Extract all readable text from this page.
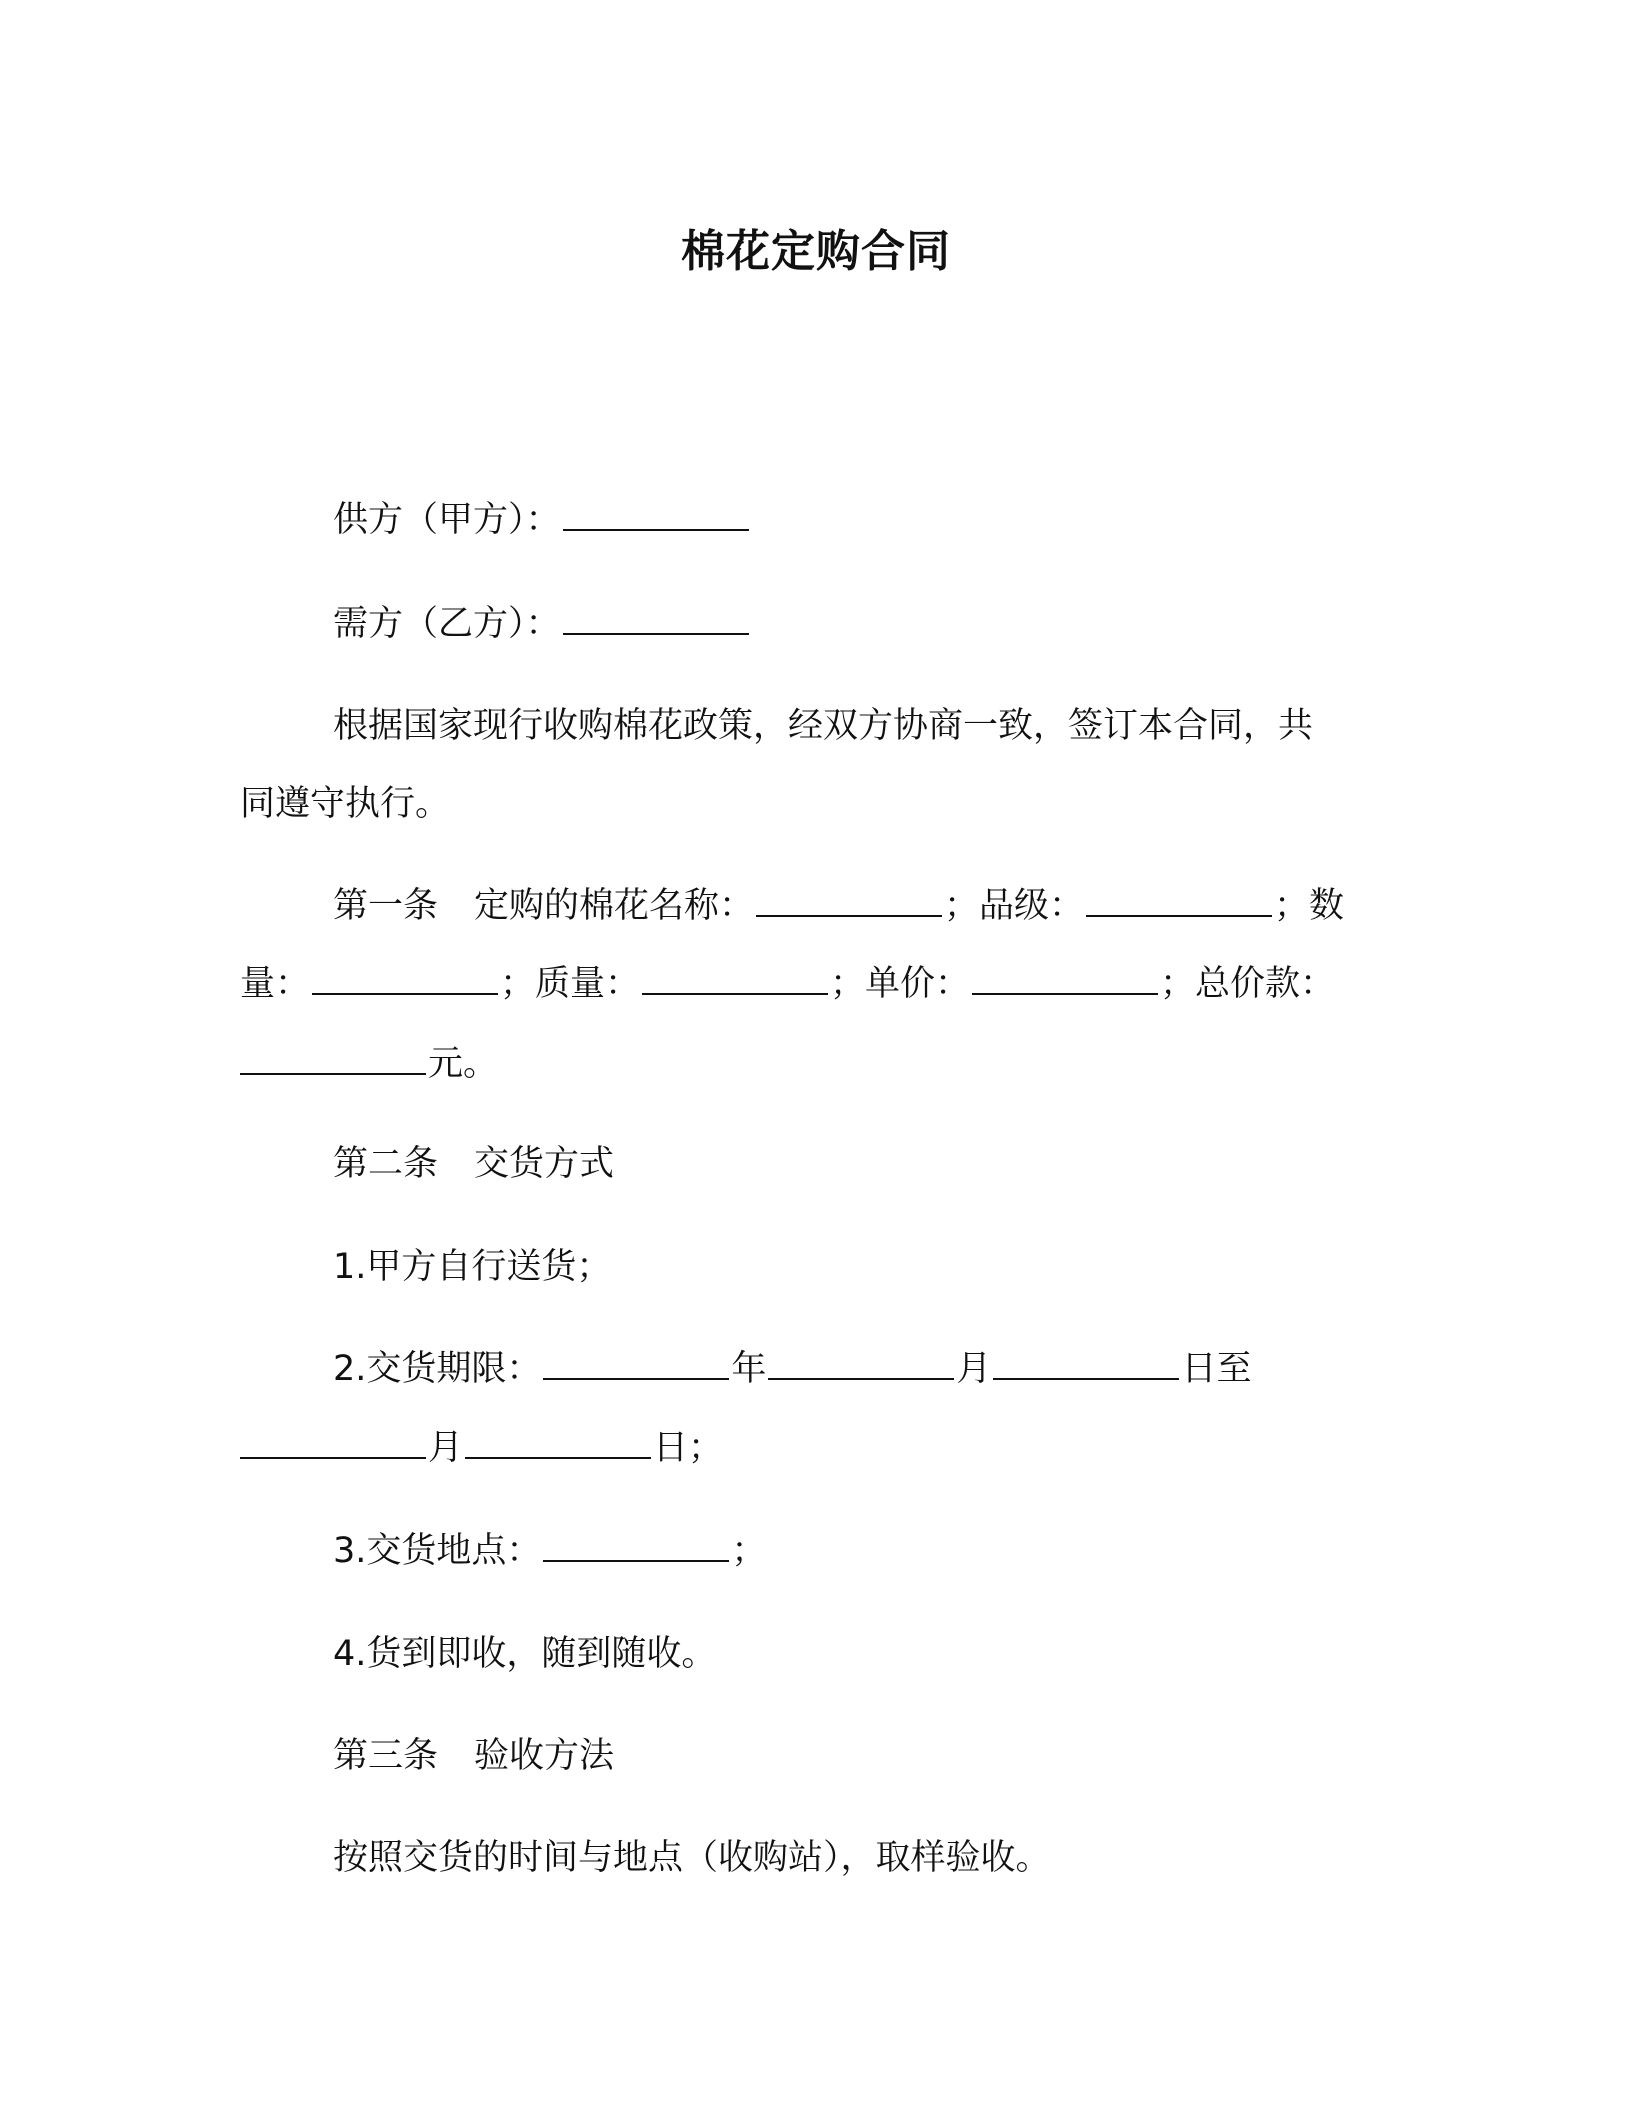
棉花定购合同
供方（甲方）：
需方（乙方）：
根据国家现行收购棉花政策，经双方协商一致，签订本合同，共
同遵守执行。
第一条 定购的棉花名称：	；品级：	；数
量：	；质量：	；单价：	；总价款：
元。
第二条 交货方式
1.甲方自行送货；
2.交货期限：	年	月	日至
月	日；
3.交货地点：	；
4.货到即收，随到随收。
第三条 验收方法
按照交货的时间与地点（收购站），取样验收。
